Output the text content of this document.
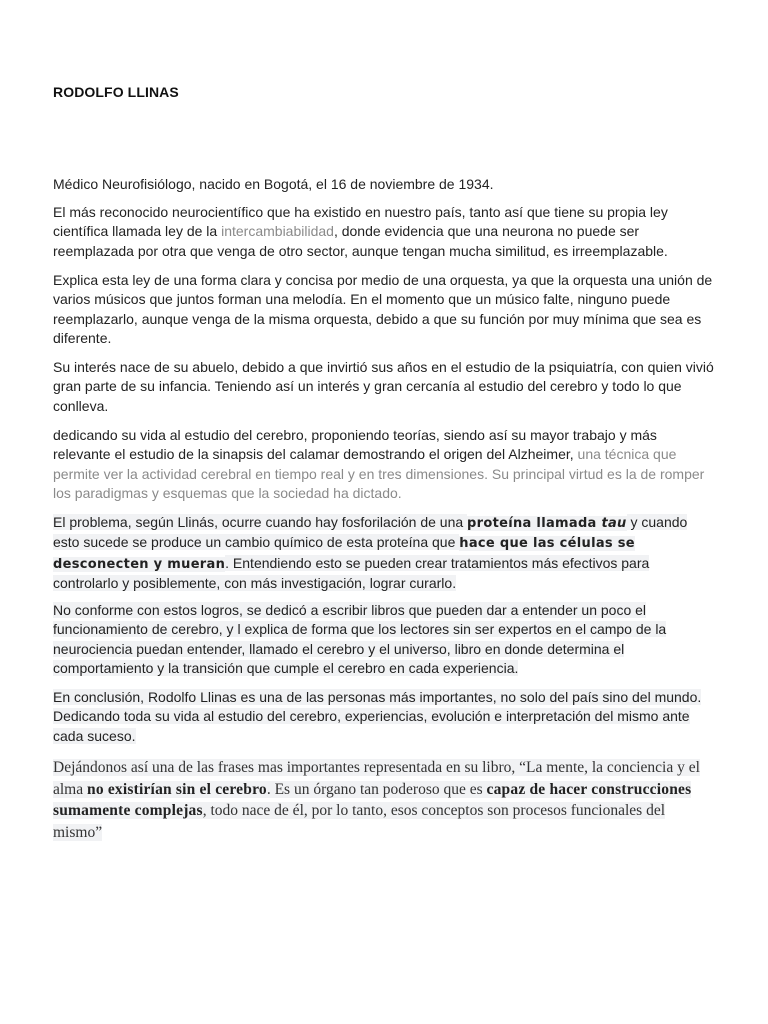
RODOLFO LLINAS
Médico Neurofisiólogo, nacido en Bogotá, el 16 de noviembre de 1934.
El más reconocido neurocientífico que ha existido en nuestro país, tanto así que tiene su propia ley científica llamada ley de la intercambiabilidad, donde evidencia que una neurona no puede ser reemplazada por otra que venga de otro sector, aunque tengan mucha similitud, es irreemplazable.
Explica esta ley de una forma clara y concisa por medio de una orquesta, ya que la orquesta una unión de varios músicos que juntos forman una melodía. En el momento que un músico falte, ninguno puede reemplazarlo, aunque venga de la misma orquesta, debido a que su función por muy mínima que sea es diferente.
Su interés nace de su abuelo, debido a que invirtió sus años en el estudio de la psiquiatría, con quien vivió gran parte de su infancia. Teniendo así un interés y gran cercanía al estudio del cerebro y todo lo que conlleva.
dedicando su vida al estudio del cerebro, proponiendo teorías, siendo así su mayor trabajo y más relevante el estudio de la sinapsis del calamar demostrando el origen del Alzheimer, una técnica que permite ver la actividad cerebral en tiempo real y en tres dimensiones. Su principal virtud es la de romper los paradigmas y esquemas que la sociedad ha dictado.
El problema, según Llinás, ocurre cuando hay fosforilación de una proteína llamada tau y cuando esto sucede se produce un cambio químico de esta proteína que hace que las células se desconecten y mueran. Entendiendo esto se pueden crear tratamientos más efectivos para controlarlo y posiblemente, con más investigación, lograr curarlo.
No conforme con estos logros, se dedicó a escribir libros que pueden dar a entender un poco el funcionamiento de cerebro, y l explica de forma que los lectores sin ser expertos en el campo de la neurociencia puedan entender, llamado el cerebro y el universo, libro en donde determina el comportamiento y la transición que cumple el cerebro en cada experiencia.
En conclusión, Rodolfo Llinas es una de las personas más importantes, no solo del país sino del mundo. Dedicando toda su vida al estudio del cerebro, experiencias, evolución e interpretación del mismo ante cada suceso.
Dejándonos así una de las frases mas importantes representada en su libro, “La mente, la conciencia y el alma no existirían sin el cerebro. Es un órgano tan poderoso que es capaz de hacer construcciones sumamente complejas, todo nace de él, por lo tanto, esos conceptos son procesos funcionales del mismo”
